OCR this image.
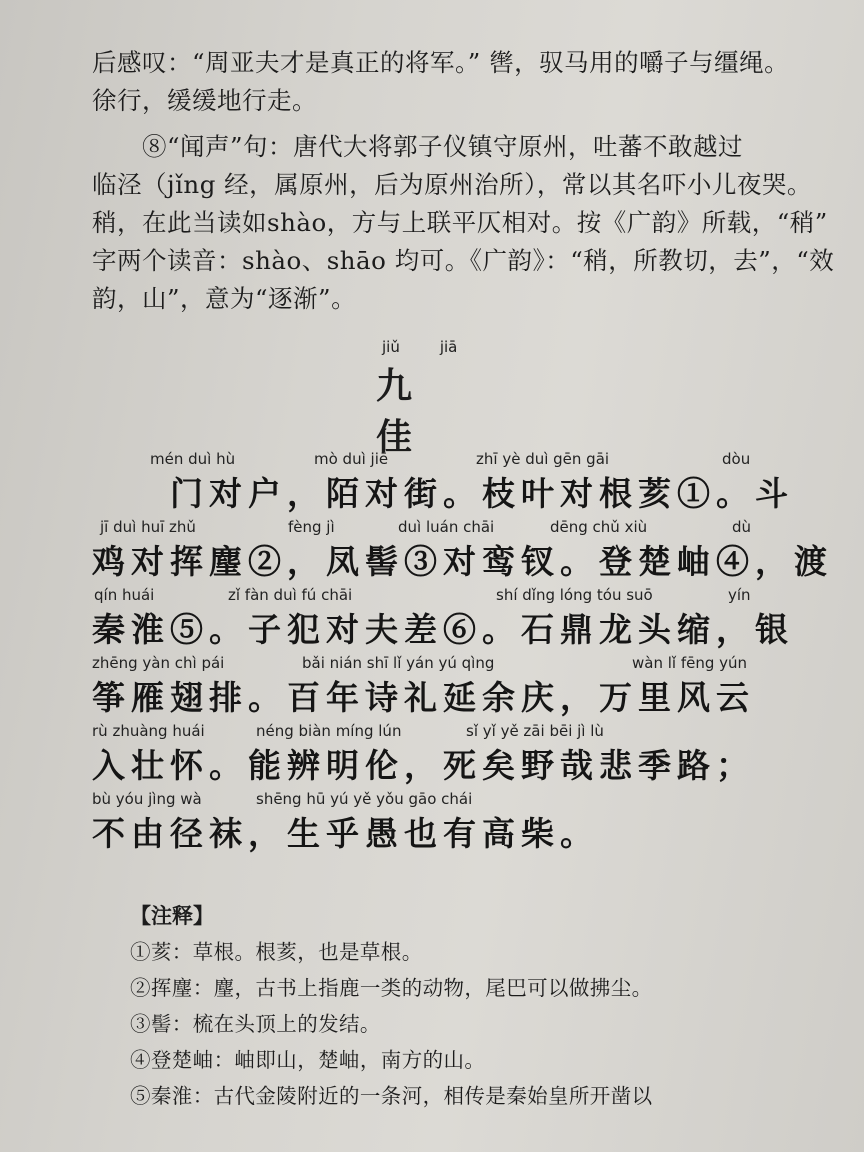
后感叹：“周亚夫才是真正的将军。” 辔，驭马用的嚼子与缰绳。
徐行，缓缓地行走。
　　⑧“闻声”句：唐代大将郭子仪镇守原州，吐蕃不敢越过
临泾（jǐng 经，属原州，后为原州治所），常以其名吓小儿夜哭。
稍，在此当读如shào，方与上联平仄相对。按《广韵》所载，“稍”
字两个读音：shào、shāo 均可。《广韵》：“稍，所教切，去”，“效
韵，山”，意为“逐渐”。
jiǔ	jiā
九佳
mén duì hù	mò duì jiē	zhī yè duì gēn gāi	dòu
　　门对户，陌对街。枝叶对根荄①。斗
jī duì huī zhǔ	fèng jì	duì luán chāi	dēng chǔ xiù	dù
鸡对挥麈②，凤髻③对鸾钗。登楚岫④，渡
qín huái	zǐ fàn duì fú chāi	shí dǐng lóng tóu suō	yín
秦淮⑤。子犯对夫差⑥。石鼎龙头缩，银
zhēng yàn chì pái	bǎi nián shī lǐ yán yú qìng	wàn lǐ fēng yún
筝雁翅排。百年诗礼延余庆，万里风云
rù zhuàng huái	néng biàn míng lún	sǐ yǐ yě zāi bēi jì lù
入壮怀。能辨明伦，死矣野哉悲季路；
bù yóu jìng wà	shēng hū yú yě yǒu gāo chái
不由径袜，生乎愚也有高柴。
【注释】
①荄：草根。根荄，也是草根。
②挥麈：麈，古书上指鹿一类的动物，尾巴可以做拂尘。
③髻：梳在头顶上的发结。
④登楚岫：岫即山，楚岫，南方的山。
⑤秦淮：古代金陵附近的一条河，相传是秦始皇所开凿以
